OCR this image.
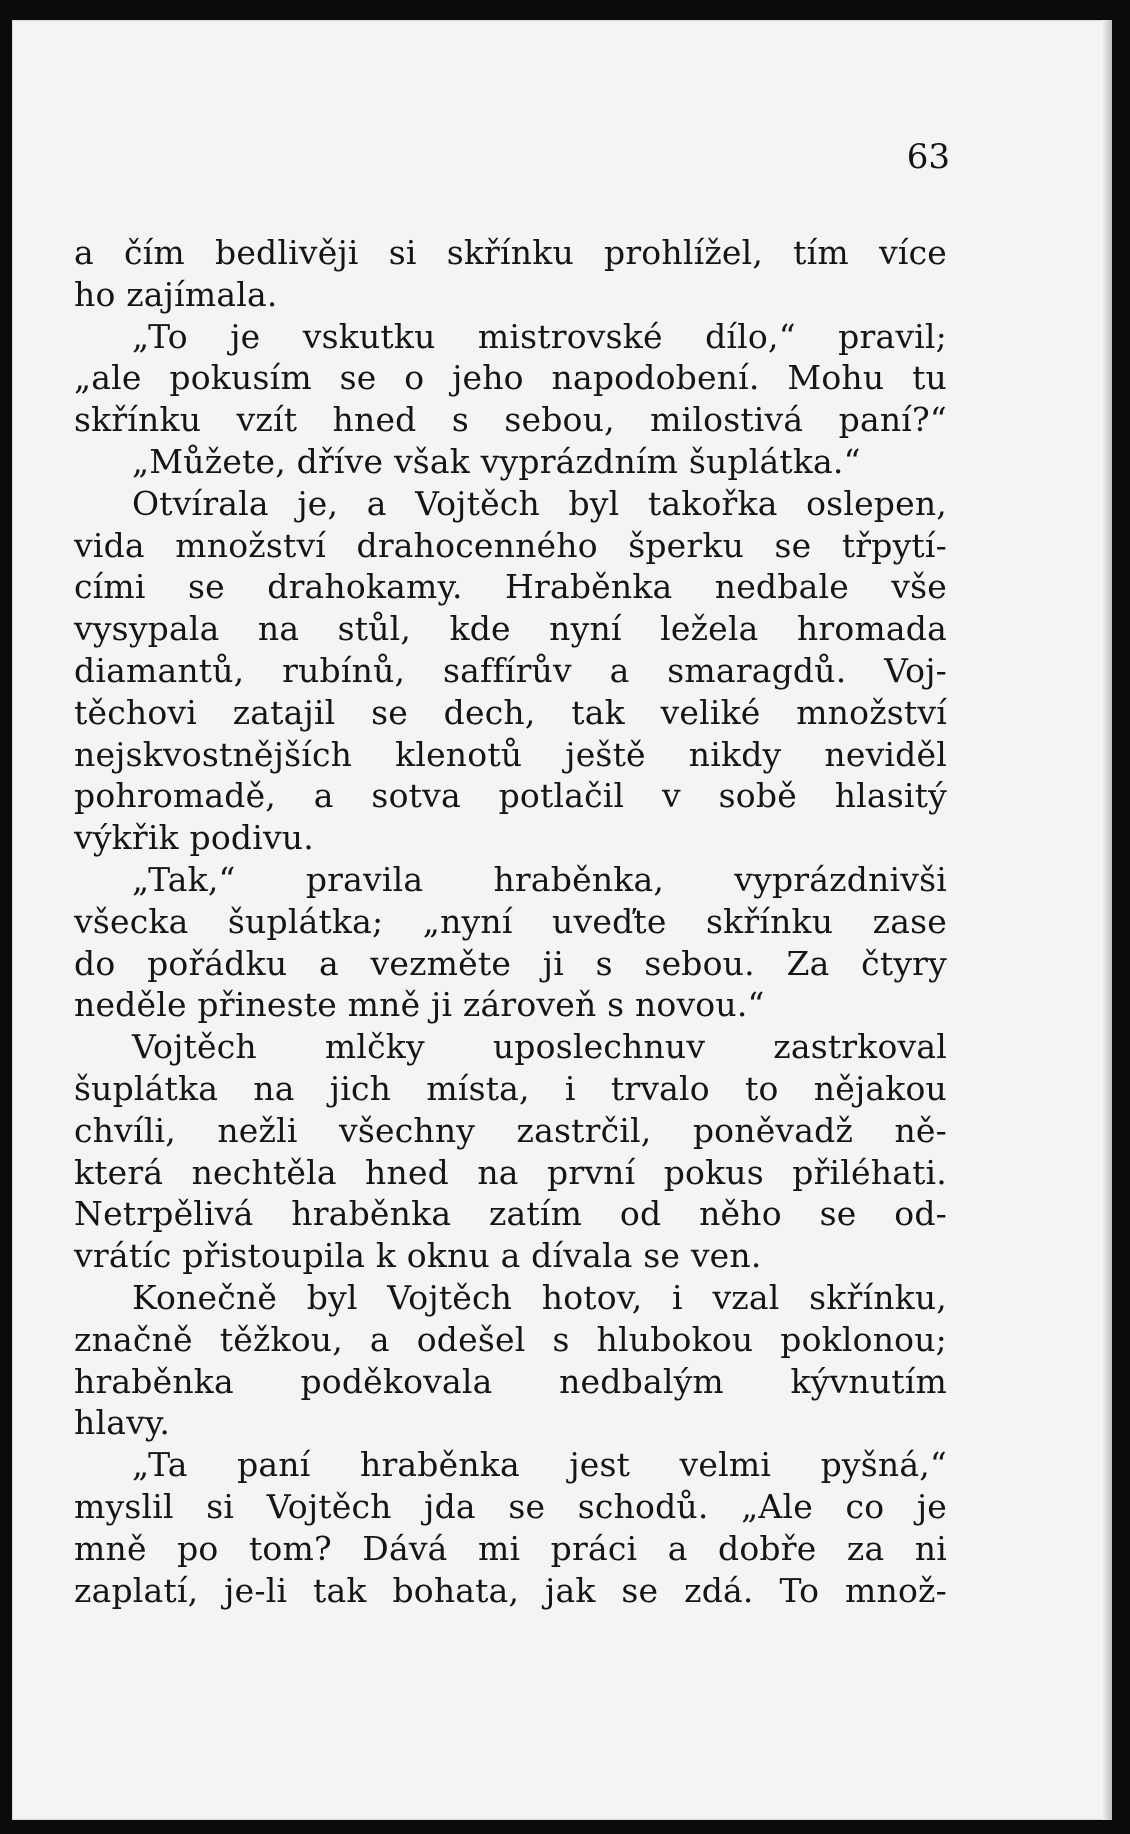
63
a čím bedlivěji si skřínku prohlížel, tím více
ho zajímala.
„To je vskutku mistrovské dílo,“ pravil;
„ale pokusím se o jeho napodobení. Mohu tu
skřínku vzít hned s sebou, milostivá paní?“
„Můžete, dříve však vyprázdním šuplátka.“
Otvírala je, a Vojtěch byl takořka oslepen,
vida množství drahocenného šperku se třpytí-
cími se drahokamy. Hraběnka nedbale vše
vysypala na stůl, kde nyní ležela hromada
diamantů, rubínů, saffírův a smaragdů. Voj-
těchovi zatajil se dech, tak veliké množství
nejskvostnějších klenotů ještě nikdy neviděl
pohromadě, a sotva potlačil v sobě hlasitý
výkřik podivu.
„Tak,“ pravila hraběnka, vyprázdnivši
všecka šuplátka; „nyní uveďte skřínku zase
do pořádku a vezměte ji s sebou. Za čtyry
neděle přineste mně ji zároveň s novou.“
Vojtěch mlčky uposlechnuv zastrkoval
šuplátka na jich místa, i trvalo to nějakou
chvíli, nežli všechny zastrčil, poněvadž ně-
která nechtěla hned na první pokus přiléhati.
Netrpělivá hraběnka zatím od něho se od-
vrátíc přistoupila k oknu a dívala se ven.
Konečně byl Vojtěch hotov, i vzal skřínku,
značně těžkou, a odešel s hlubokou poklonou;
hraběnka poděkovala nedbalým kývnutím
hlavy.
„Ta paní hraběnka jest velmi pyšná,“
myslil si Vojtěch jda se schodů. „Ale co je
mně po tom? Dává mi práci a dobře za ni
zaplatí, je-li tak bohata, jak se zdá. To množ-
